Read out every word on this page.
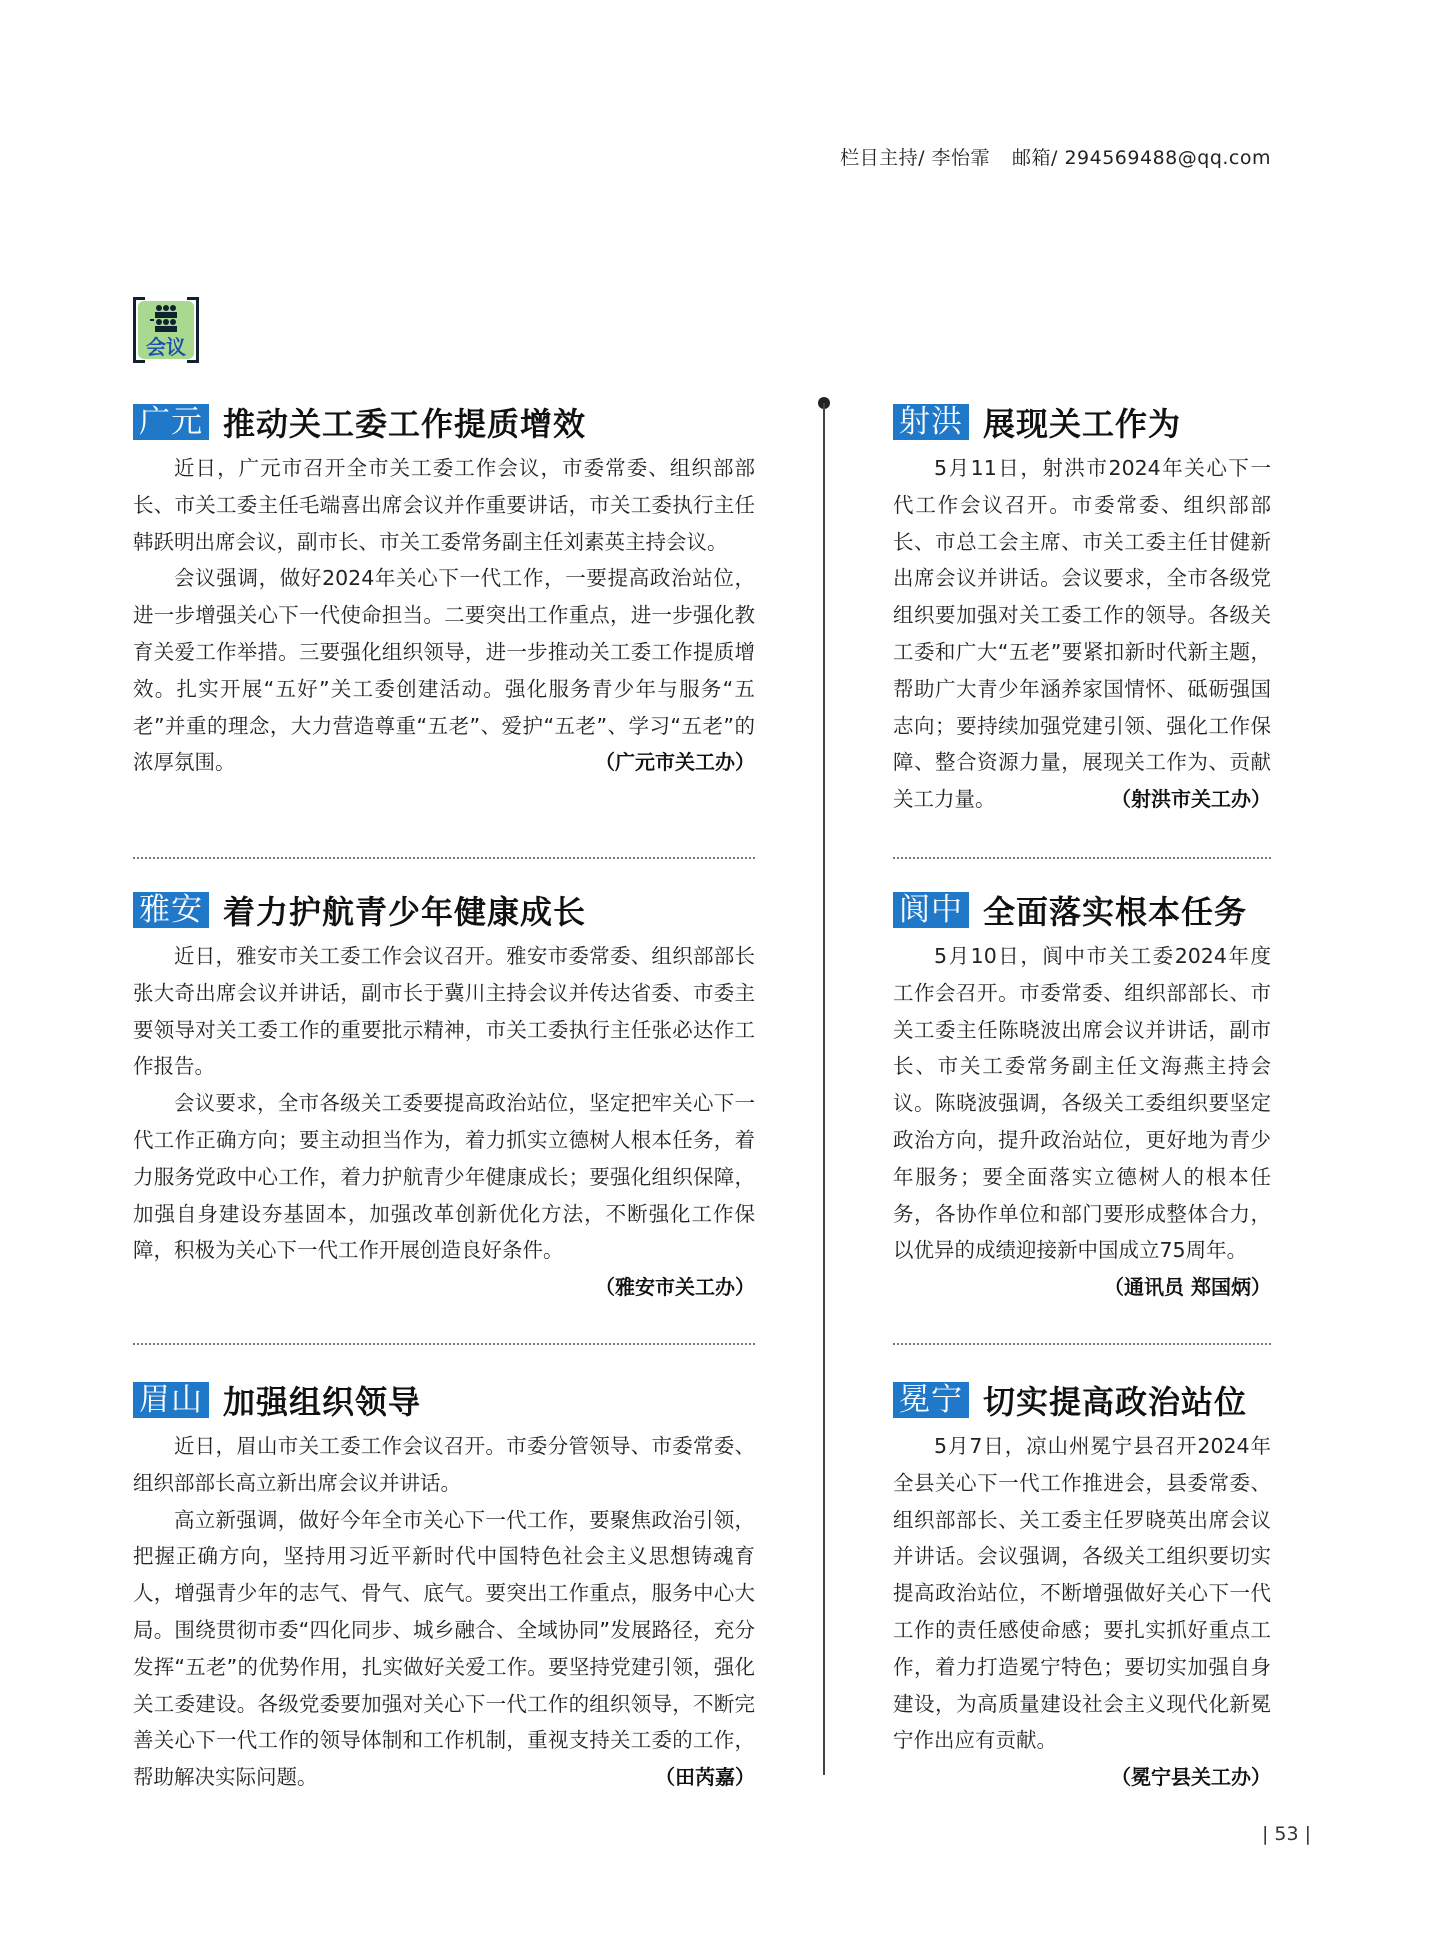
栏目主持/ 李怡霏 邮箱/ 294569488@qq.com
会议
广元 推动关工委工作提质增效

近日，广元市召开全市关工委工作会议，市委常委、组织部部长、市关工委主任毛端喜出席会议并作重要讲话，市关工委执行主任韩跃明出席会议，副市长、市关工委常务副主任刘素英主持会议。

会议强调，做好2024年关心下一代工作，一要提高政治站位，进一步增强关心下一代使命担当。二要突出工作重点，进一步强化教育关爱工作举措。三要强化组织领导，进一步推动关工委工作提质增效。扎实开展“五好”关工委创建活动。强化服务青少年与服务“五老”并重的理念，大力营造尊重“五老”、爱护“五老”、学习“五老”的浓厚氛围。	（广元市关工办）

雅安 着力护航青少年健康成长

近日，雅安市关工委工作会议召开。雅安市委常委、组织部部长张大奇出席会议并讲话，副市长于冀川主持会议并传达省委、市委主要领导对关工委工作的重要批示精神，市关工委执行主任张必达作工作报告。

会议要求，全市各级关工委要提高政治站位，坚定把牢关心下一代工作正确方向；要主动担当作为，着力抓实立德树人根本任务，着力服务党政中心工作，着力护航青少年健康成长；要强化组织保障，加强自身建设夯基固本，加强改革创新优化方法，不断强化工作保障，积极为关心下一代工作开展创造良好条件。

（雅安市关工办）
眉山 加强组织领导

近日，眉山市关工委工作会议召开。市委分管领导、市委常委、组织部部长高立新出席会议并讲话。

高立新强调，做好今年全市关心下一代工作，要聚焦政治引领，把握正确方向，坚持用习近平新时代中国特色社会主义思想铸魂育人，增强青少年的志气、骨气、底气。要突出工作重点，服务中心大局。围绕贯彻市委“四化同步、城乡融合、全域协同”发展路径，充分发挥“五老”的优势作用，扎实做好关爱工作。要坚持党建引领，强化关工委建设。各级党委要加强对关心下一代工作的组织领导，不断完善关心下一代工作的领导体制和工作机制，重视支持关工委的工作，帮助解决实际问题。	（田芮嘉）

射洪 展现关工作为

5月11日，射洪市2024年关心下一代工作会议召开。市委常委、组织部部长、市总工会主席、市关工委主任甘健新出席会议并讲话。会议要求，全市各级党组织要加强对关工委工作的领导。各级关工委和广大“五老”要紧扣新时代新主题，帮助广大青少年涵养家国情怀、砥砺强国志向；要持续加强党建引领、强化工作保障、整合资源力量，展现关工作为、贡献关工力量。	（射洪市关工办）

阆中 全面落实根本任务

5月10日，阆中市关工委2024年度工作会召开。市委常委、组织部部长、市关工委主任陈晓波出席会议并讲话，副市长、市关工委常务副主任文海燕主持会议。陈晓波强调，各级关工委组织要坚定政治方向，提升政治站位，更好地为青少年服务；要全面落实立德树人的根本任务，各协作单位和部门要形成整体合力，以优异的成绩迎接新中国成立75周年。
（通讯员 郑国炳）

冕宁 切实提高政治站位

5月7日，凉山州冕宁县召开2024年全县关心下一代工作推进会，县委常委、组织部部长、关工委主任罗晓英出席会议并讲话。会议强调，各级关工组织要切实提高政治站位，不断增强做好关心下一代工作的责任感使命感；要扎实抓好重点工作，着力打造冕宁特色；要切实加强自身建设，为高质量建设社会主义现代化新冕宁作出应有贡献。

（冕宁县关工办）
| 53 |
